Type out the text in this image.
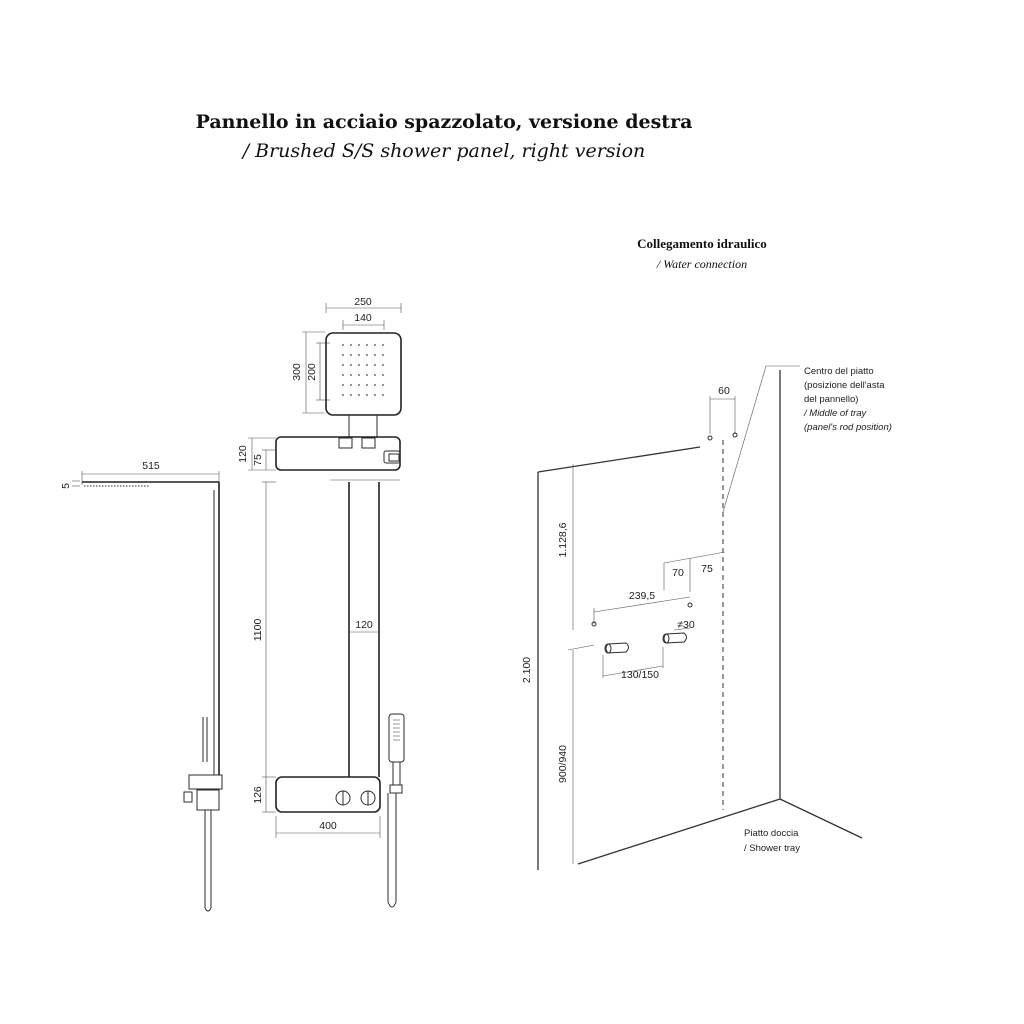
Pannello in acciaio spazzolato, versione destra
/ Brushed S/S shower panel, right version
Collegamento idraulico
/ Water connection
515
5
250
140
300 200
120 75
120
1100
126
400
60
Centro del piatto
(posizione dell'asta
del pannello)
/ Middle of tray
(panel's rod position)
1.128,6
2.100
900/940
70 75
239,5
≠30
130/150
Piatto doccia
/ Shower tray
